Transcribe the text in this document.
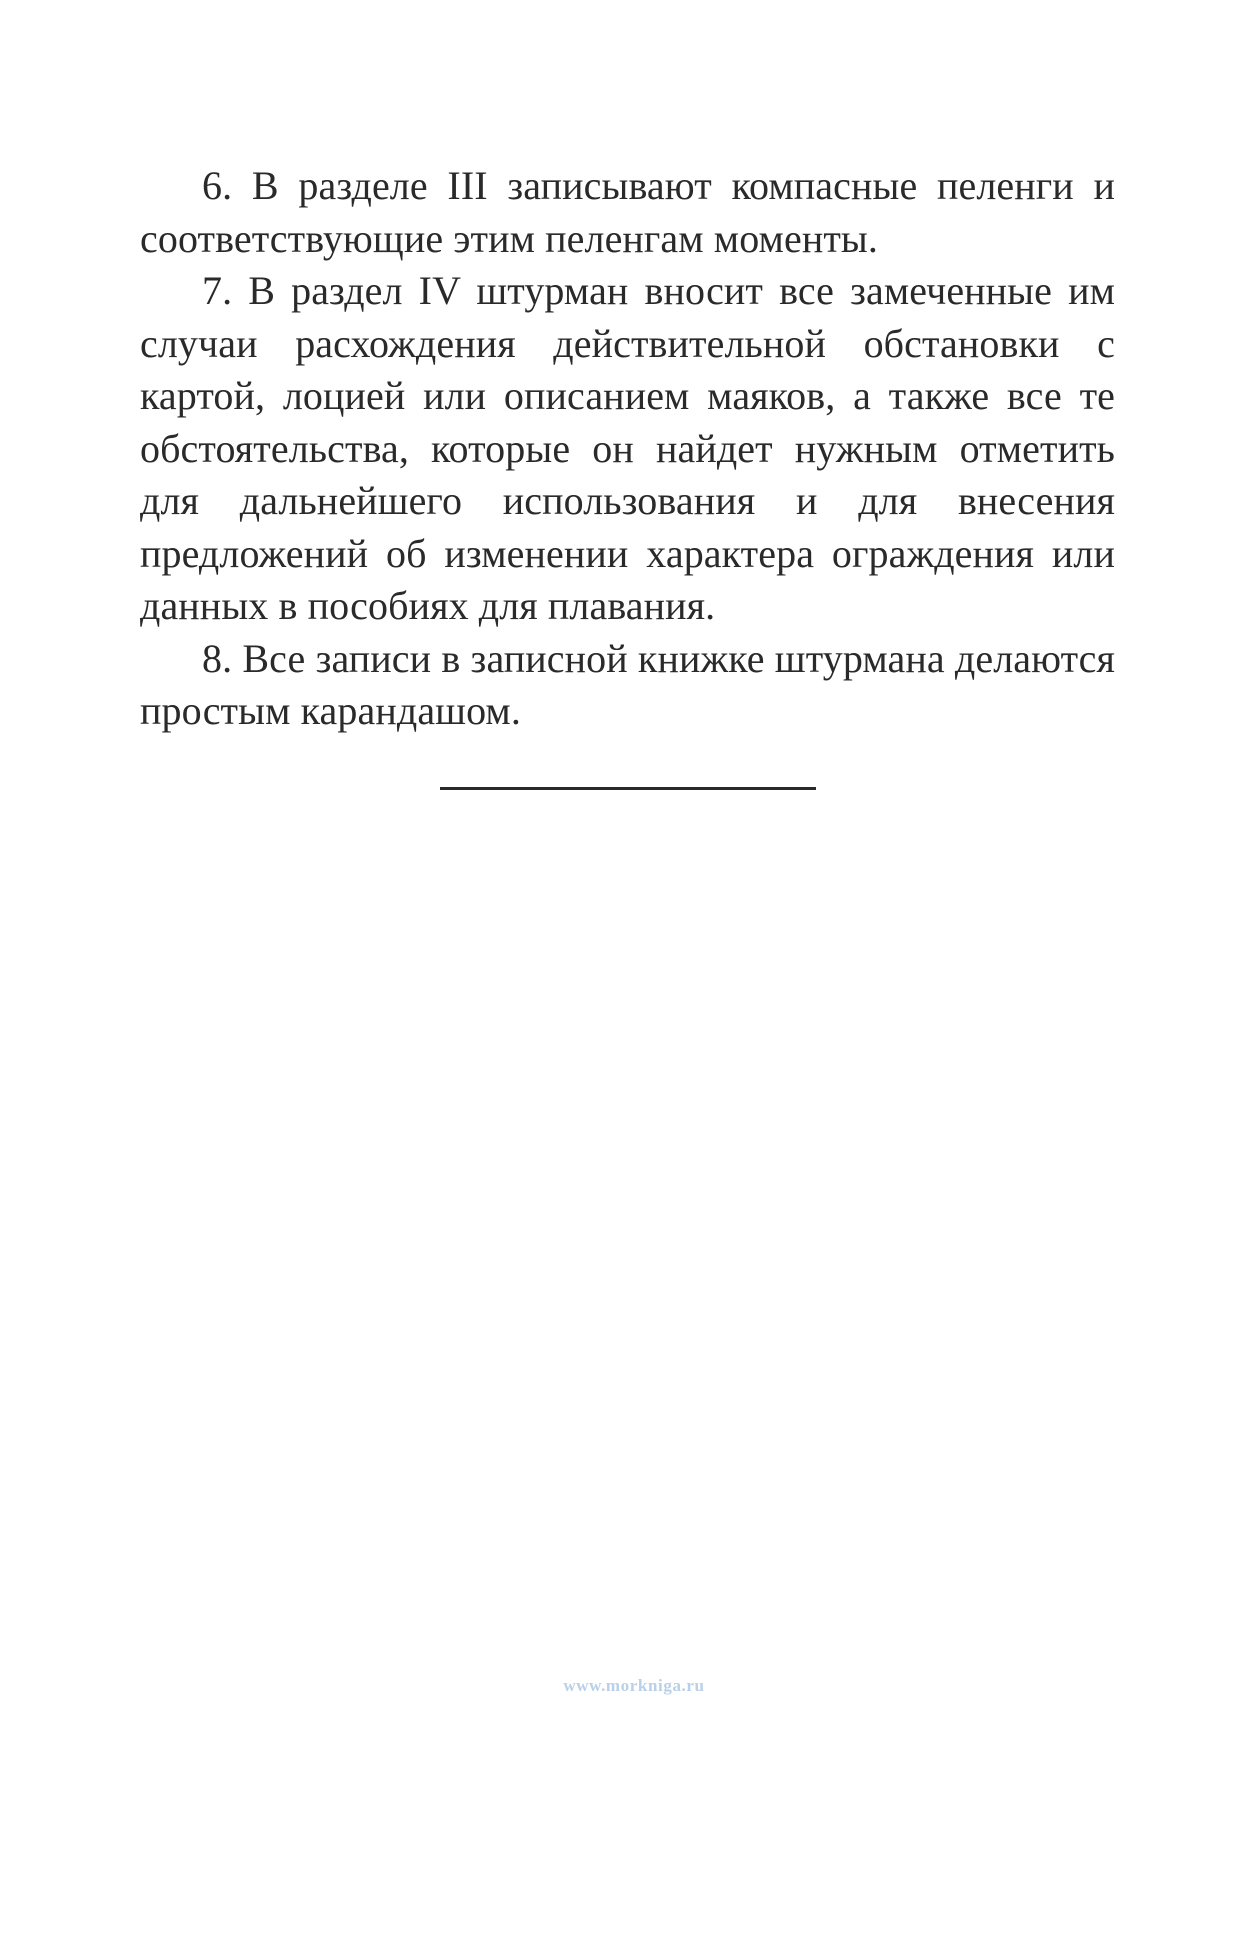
6. В разделе III записывают компасные пеленги и соответствующие этим пеленгам моменты.

7. В раздел IV штурман вносит все замеченные им случаи расхождения действительной обстановки с картой, лоцией или описанием маяков, а также все те обстоятельства, которые он найдет нужным отметить для дальнейшего использования и для внесения предложений об изменении характера ограждения или данных в пособиях для плавания.

8. Все записи в записной книжке штурмана делаются простым карандашом.

www.morkniga.ru
